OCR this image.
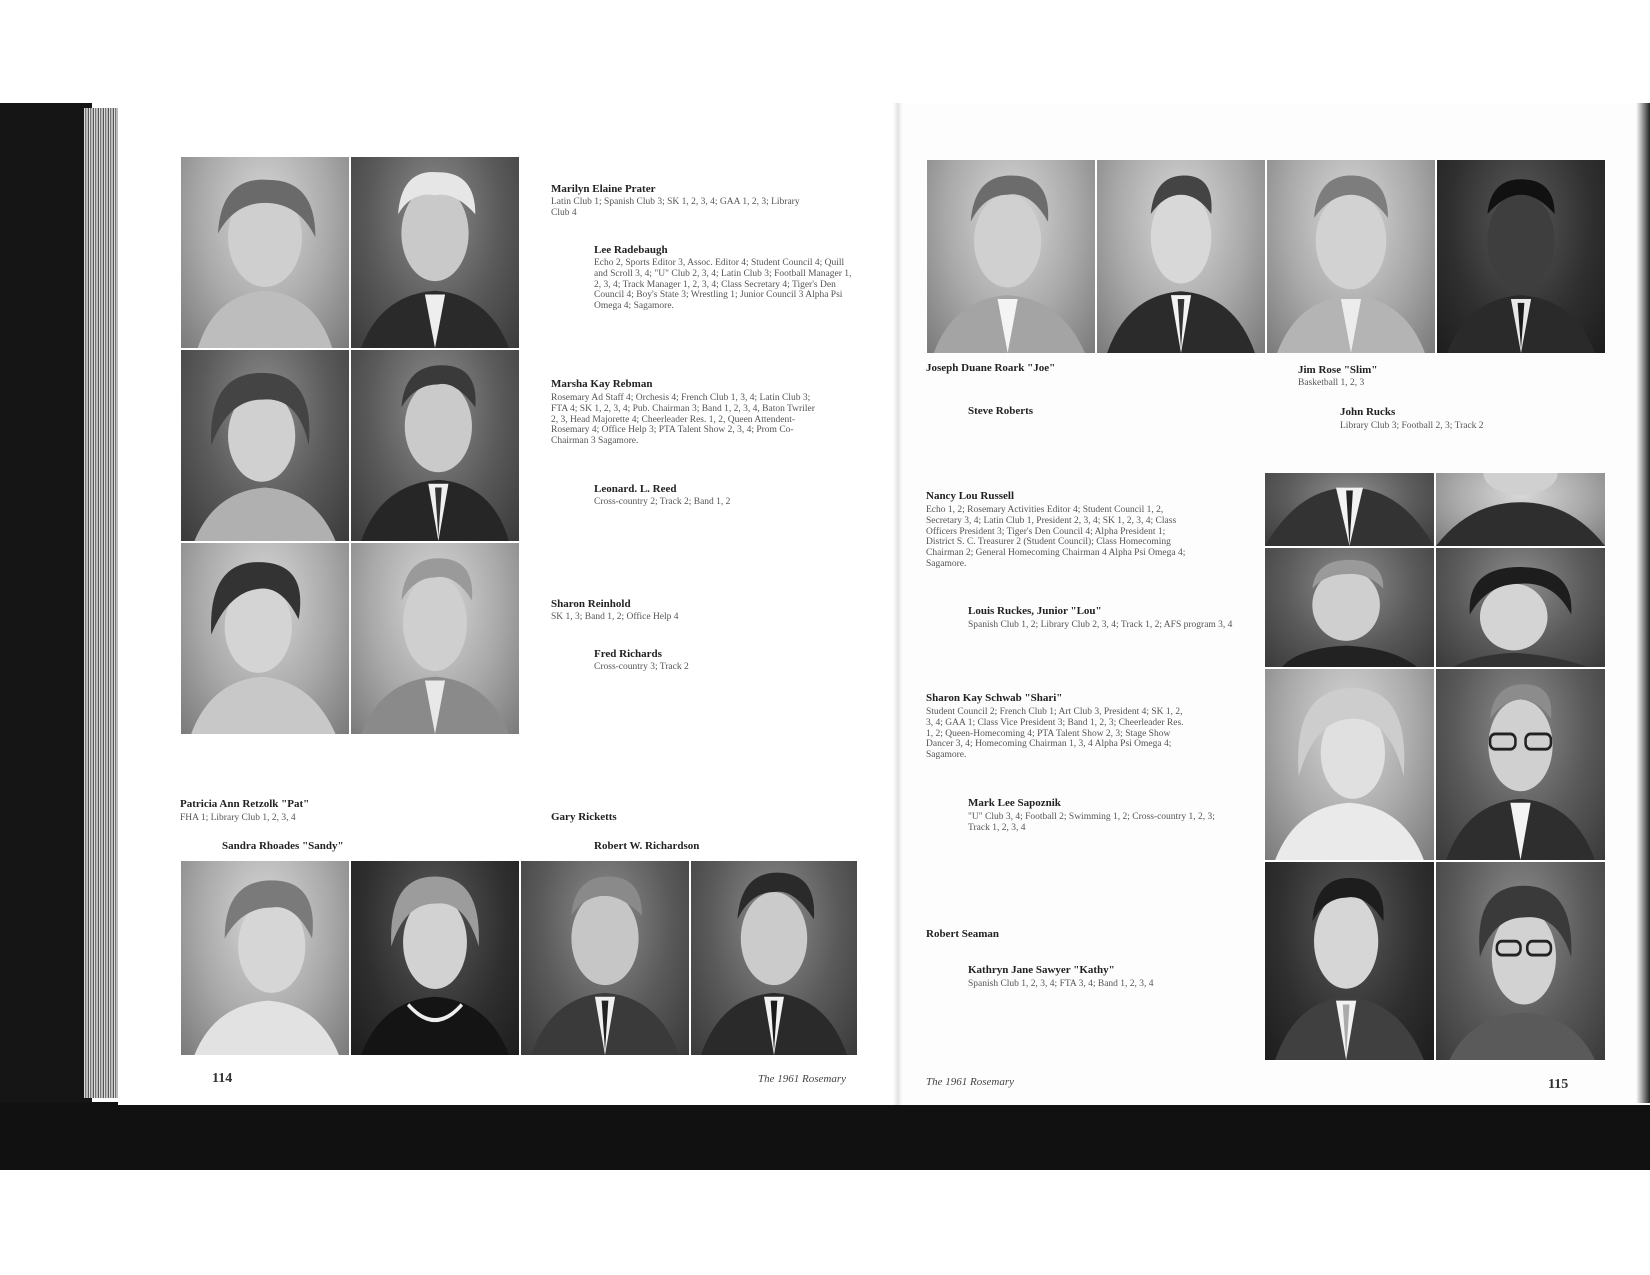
Marilyn Elaine Prater
Latin Club 1; Spanish Club 3; SK 1, 2, 3, 4; GAA 1, 2, 3; Library Club 4
Lee Radebaugh
Echo 2, Sports Editor 3, Assoc. Editor 4; Student Council 4; Quill and Scroll 3, 4; "U" Club 2, 3, 4; Latin Club 3; Football Manager 1, 2, 3, 4; Track Manager 1, 2, 3, 4; Class Secretary 4; Tiger's Den Council 4; Boy's State 3; Wrestling 1; Junior Council 3 Alpha Psi Omega 4; Sagamore.
Marsha Kay Rebman
Rosemary Ad Staff 4; Orchesis 4; French Club 1, 3, 4; Latin Club 3; FTA 4; SK 1, 2, 3, 4; Pub. Chairman 3; Band 1, 2, 3, 4, Baton Twriler 2, 3, Head Majorette 4; Cheerleader Res. 1, 2, Queen Attendent-Rosemary 4; Office Help 3; PTA Talent Show 2, 3, 4; Prom Co-Chairman 3 Sagamore.
Leonard. L. Reed
Cross-country 2; Track 2; Band 1, 2
Sharon Reinhold
SK 1, 3; Band 1, 2; Office Help 4
Fred Richards
Cross-country 3; Track 2
Patricia Ann Retzolk "Pat"
FHA 1; Library Club 1, 2, 3, 4
Sandra Rhoades "Sandy"
Gary Ricketts
Robert W. Richardson
114	The 1961 Rosemary
Joseph Duane Roark "Joe"
Steve Roberts
Jim Rose "Slim"
Basketball 1, 2, 3
John Rucks
Library Club 3; Football 2, 3; Track 2
Nancy Lou Russell
Echo 1, 2; Rosemary Activities Editor 4; Student Council 1, 2, Secretary 3, 4; Latin Club 1, President 2, 3, 4; SK 1, 2, 3, 4; Class Officers President 3; Tiger's Den Council 4; Alpha President 1; District S. C. Treasurer 2 (Student Council); Class Homecoming Chairman 2; General Homecoming Chairman 4 Alpha Psi Omega 4; Sagamore.
Louis Ruckes, Junior "Lou"
Spanish Club 1, 2; Library Club 2, 3, 4; Track 1, 2; AFS program 3, 4
Sharon Kay Schwab "Shari"
Student Council 2; French Club 1; Art Club 3, President 4; SK 1, 2, 3, 4; GAA 1; Class Vice President 3; Band 1, 2, 3; Cheerleader Res. 1, 2; Queen-Homecoming 4; PTA Talent Show 2, 3; Stage Show Dancer 3, 4; Homecoming Chairman 1, 3, 4 Alpha Psi Omega 4; Sagamore.
Mark Lee Sapoznik
"U" Club 3, 4; Football 2; Swimming 1, 2; Cross-country 1, 2, 3; Track 1, 2, 3, 4
Robert Seaman
Kathryn Jane Sawyer "Kathy"
Spanish Club 1, 2, 3, 4; FTA 3, 4; Band 1, 2, 3, 4
The 1961 Rosemary	115
